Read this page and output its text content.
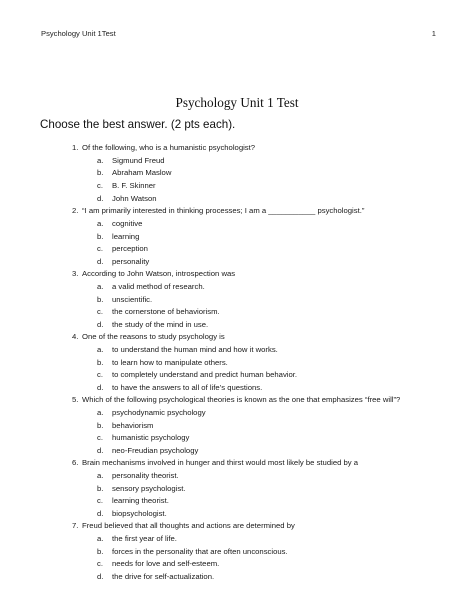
Psychology Unit 1Test	1
Psychology Unit 1 Test
Choose the best answer. (2 pts each).
1. Of the following, who is a humanistic psychologist?
a. Sigmund Freud
b. Abraham Maslow
c. B. F. Skinner
d. John Watson
2. “I am primarily interested in thinking processes; I am a ___________ psychologist.”
a. cognitive
b. learning
c. perception
d. personality
3. According to John Watson, introspection was
a. a valid method of research.
b. unscientific.
c. the cornerstone of behaviorism.
d. the study of the mind in use.
4. One of the reasons to study psychology is
a. to understand the human mind and how it works.
b. to learn how to manipulate others.
c. to completely understand and predict human behavior.
d. to have the answers to all of life’s questions.
5. Which of the following psychological theories is known as the one that emphasizes “free will”?
a. psychodynamic psychology
b. behaviorism
c. humanistic psychology
d. neo-Freudian psychology
6. Brain mechanisms involved in hunger and thirst would most likely be studied by a
a. personality theorist.
b. sensory psychologist.
c. learning theorist.
d. biopsychologist.
7. Freud believed that all thoughts and actions are determined by
a. the first year of life.
b. forces in the personality that are often unconscious.
c. needs for love and self-esteem.
d. the drive for self-actualization.
